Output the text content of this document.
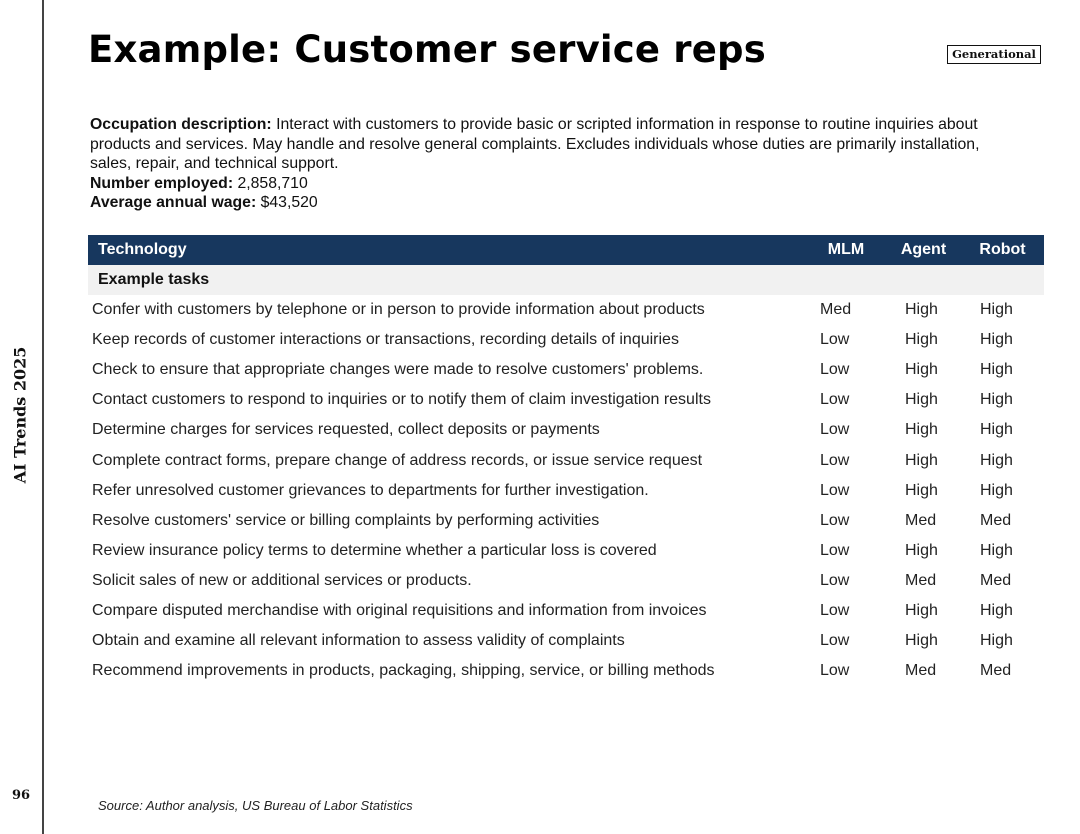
AI Trends 2025
96
Example: Customer service reps	Generational
Occupation description: Interact with customers to provide basic or scripted information in response to routine inquiries about products and services. May handle and resolve general complaints. Excludes individuals whose duties are primarily installation, sales, repair, and technical support.
Number employed: 2,858,710
Average annual wage: $43,520
Technology	MLM	Agent	Robot
Example tasks			
Confer with customers by telephone or in person to provide information about products	Med	High	High
Keep records of customer interactions or transactions, recording details of inquiries	Low	High	High
Check to ensure that appropriate changes were made to resolve customers' problems.	Low	High	High
Contact customers to respond to inquiries or to notify them of claim investigation results	Low	High	High
Determine charges for services requested, collect deposits or payments	Low	High	High
Complete contract forms, prepare change of address records, or issue service request	Low	High	High
Refer unresolved customer grievances to departments for further investigation.	Low	High	High
Resolve customers' service or billing complaints by performing activities	Low	Med	Med
Review insurance policy terms to determine whether a particular loss is covered	Low	High	High
Solicit sales of new or additional services or products.	Low	Med	Med
Compare disputed merchandise with original requisitions and information from invoices	Low	High	High
Obtain and examine all relevant information to assess validity of complaints	Low	High	High
Recommend improvements in products, packaging, shipping, service, or billing methods	Low	Med	Med
Source: Author analysis, US Bureau of Labor Statistics
